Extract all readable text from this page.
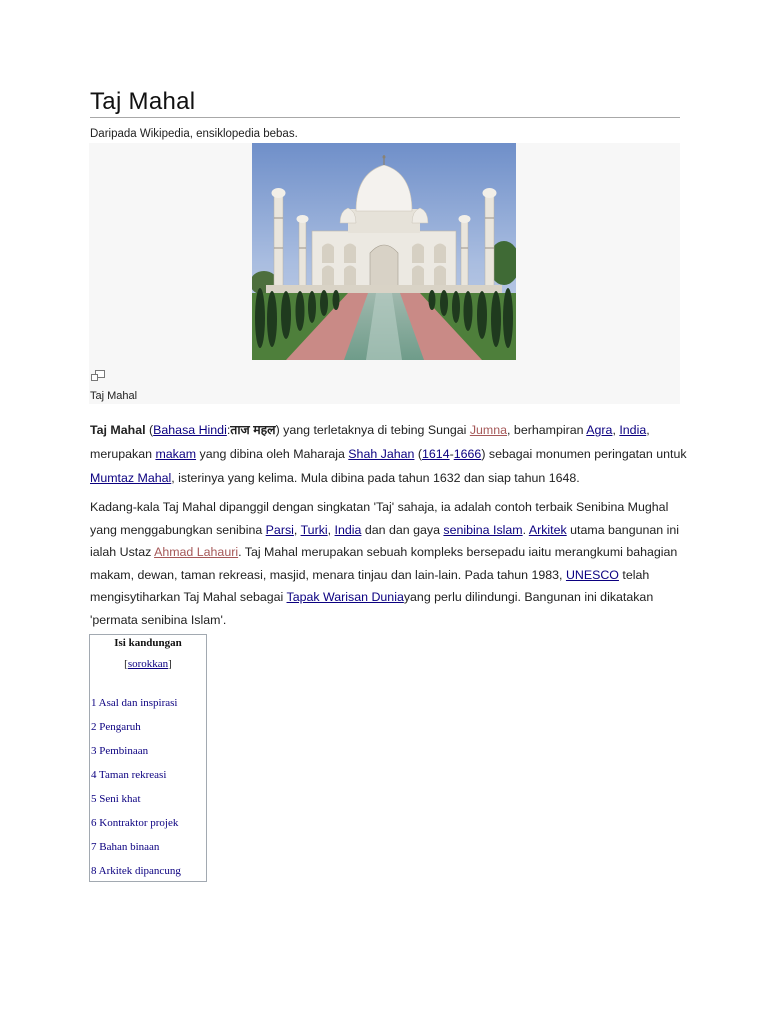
Taj Mahal
Daripada Wikipedia, ensiklopedia bebas.
Taj Mahal

Taj Mahal (Bahasa Hindi:ताज महल) yang terletaknya di tebing Sungai Jumna, berhampiran Agra, India, merupakan makam yang dibina oleh Maharaja Shah Jahan (1614-1666) sebagai monumen peringatan untuk Mumtaz Mahal, isterinya yang kelima. Mula dibina pada tahun 1632 dan siap tahun 1648.

Kadang-kala Taj Mahal dipanggil dengan singkatan 'Taj' sahaja, ia adalah contoh terbaik Senibina Mughal yang menggabungkan senibina Parsi, Turki, India dan dan gaya senibina Islam. Arkitek utama bangunan ini ialah Ustaz Ahmad Lahauri. Taj Mahal merupakan sebuah kompleks bersepadu iaitu merangkumi bahagian makam, dewan, taman rekreasi, masjid, menara tinjau dan lain-lain. Pada tahun 1983, UNESCO telah mengisytiharkan Taj Mahal sebagai Tapak Warisan Duniayang perlu dilindungi. Bangunan ini dikatakan 'permata senibina Islam'.

Isi kandungan
[sorokkan]
1 Asal dan inspirasi
2 Pengaruh
3 Pembinaan
4 Taman rekreasi
5 Seni khat
6 Kontraktor projek
7 Bahan binaan
8 Arkitek dipancung
